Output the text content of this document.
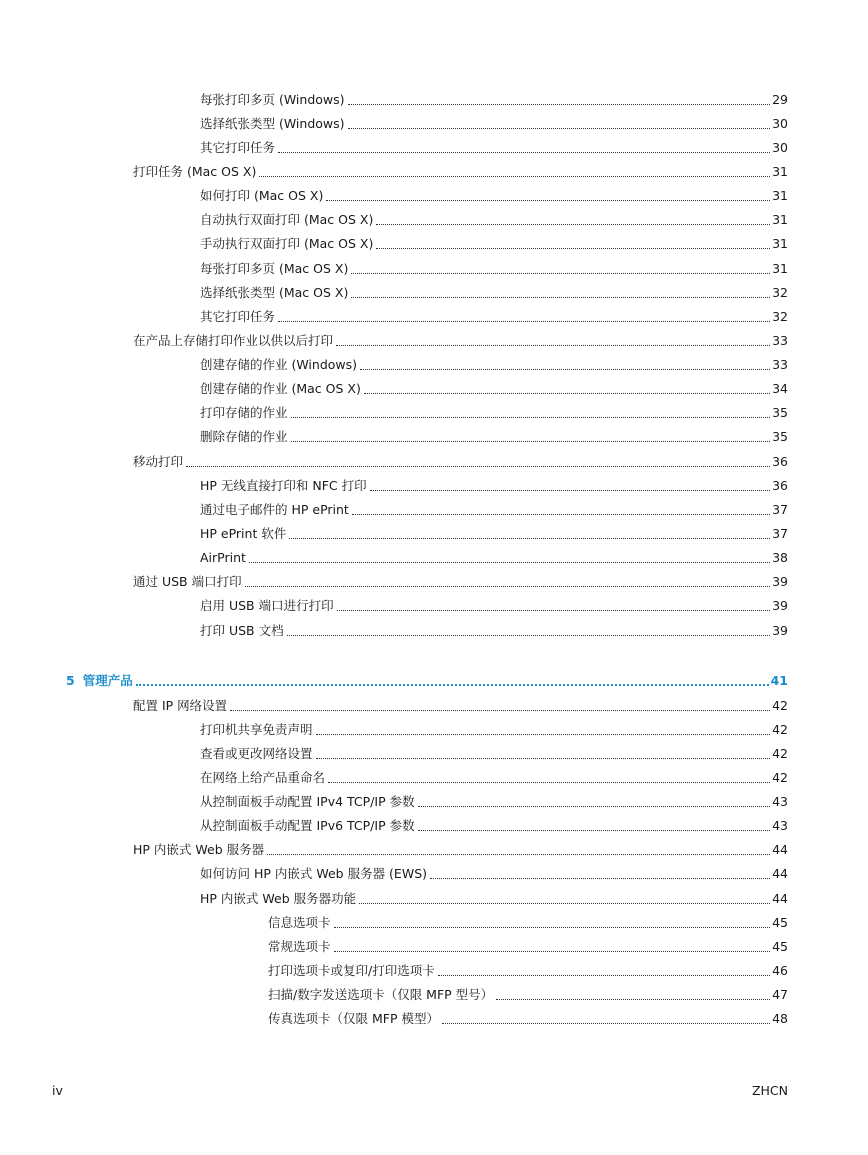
每张打印多页 (Windows)	29
选择纸张类型 (Windows)	30
其它打印任务	30
打印任务 (Mac OS X)	31
如何打印 (Mac OS X)	31
自动执行双面打印 (Mac OS X)	31
手动执行双面打印 (Mac OS X)	31
每张打印多页 (Mac OS X)	31
选择纸张类型 (Mac OS X)	32
其它打印任务	32
在产品上存储打印作业以供以后打印	33
创建存储的作业 (Windows)	33
创建存储的作业 (Mac OS X)	34
打印存储的作业	35
删除存储的作业	35
移动打印	36
HP 无线直接打印和 NFC 打印	36
通过电子邮件的 HP ePrint	37
HP ePrint 软件	37
AirPrint	38
通过 USB 端口打印	39
启用 USB 端口进行打印	39
打印 USB 文档	39
5 管理产品	41
配置 IP 网络设置	42
打印机共享免责声明	42
查看或更改网络设置	42
在网络上给产品重命名	42
从控制面板手动配置 IPv4 TCP/IP 参数	43
从控制面板手动配置 IPv6 TCP/IP 参数	43
HP 内嵌式 Web 服务器	44
如何访问 HP 内嵌式 Web 服务器 (EWS)	44
HP 内嵌式 Web 服务器功能	44
信息选项卡	45
常规选项卡	45
打印选项卡或复印/打印选项卡	46
扫描/数字发送选项卡（仅限 MFP 型号）	47
传真选项卡（仅限 MFP 模型）	48
iv	ZHCN
